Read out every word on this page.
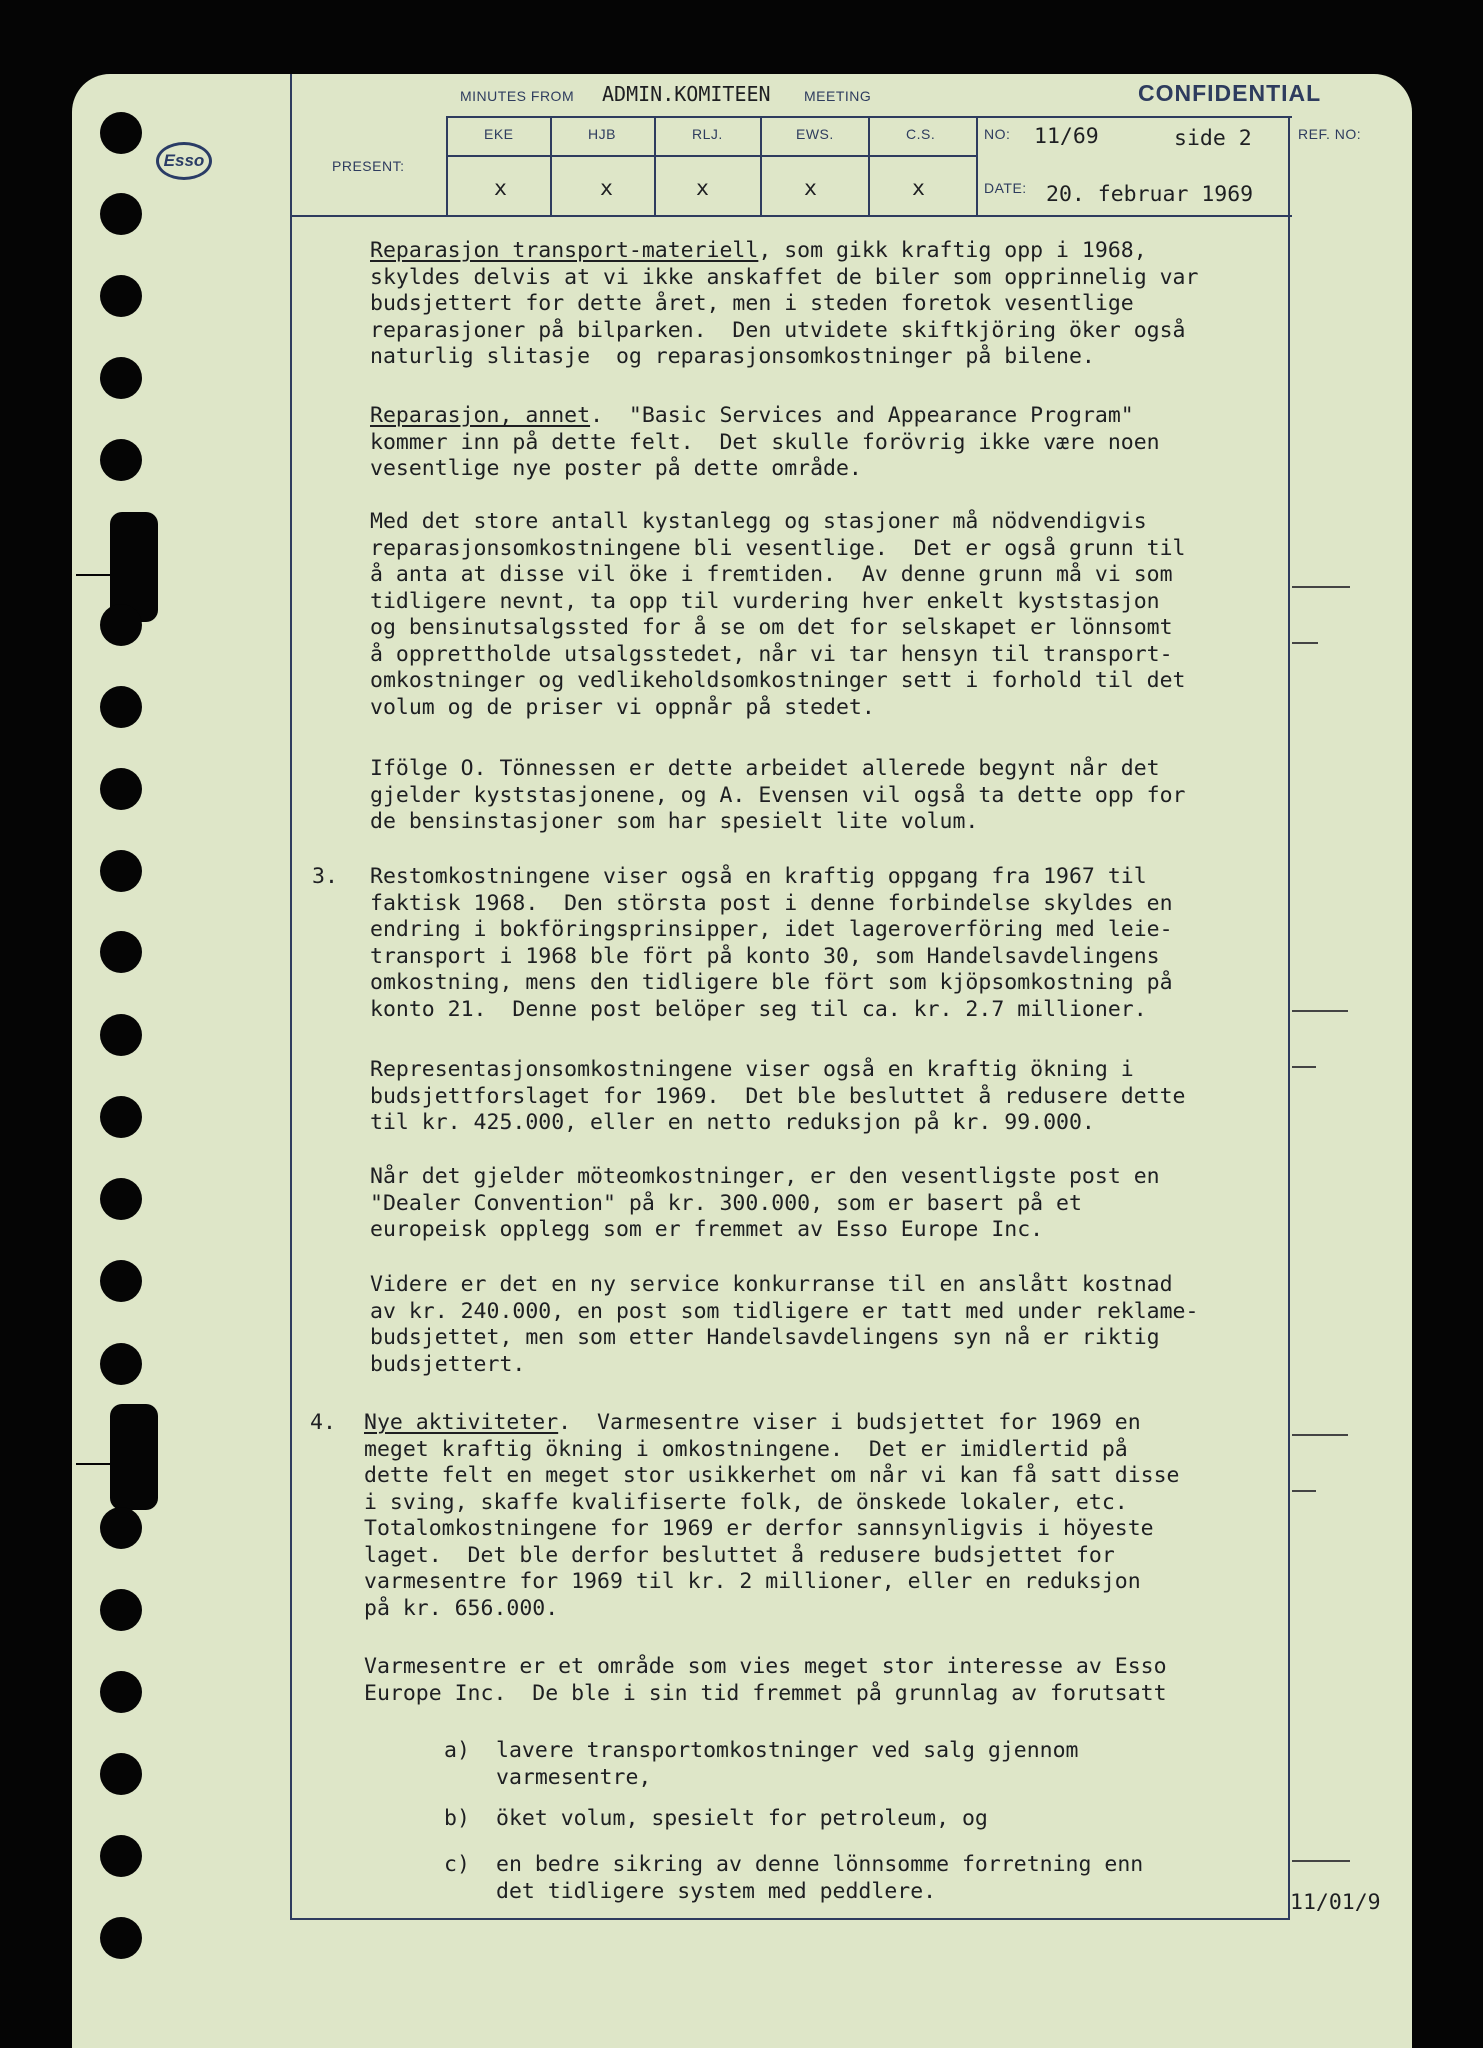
Esso
MINUTES FROM ADMIN.KOMITEEN MEETING	CONFIDENTIAL
PRESENT:
EKE	HJB	RLJ.	EWS.	C.S.
x	x	x	x	x
NO: 11/69	side 2
DATE: 20. februar 1969
REF. NO:
Reparasjon transport-materiell, som gikk kraftig opp i 1968,
skyldes delvis at vi ikke anskaffet de biler som opprinnelig var
budsjettert for dette året, men i steden foretok vesentlige
reparasjoner på bilparken.  Den utvidete skiftkjöring öker også
naturlig slitasje  og reparasjonsomkostninger på bilene.
Reparasjon, annet.  "Basic Services and Appearance Program"
kommer inn på dette felt.  Det skulle forövrig ikke være noen
vesentlige nye poster på dette område.
Med det store antall kystanlegg og stasjoner må nödvendigvis
reparasjonsomkostningene bli vesentlige.  Det er også grunn til
å anta at disse vil öke i fremtiden.  Av denne grunn må vi som
tidligere nevnt, ta opp til vurdering hver enkelt kyststasjon
og bensinutsalgssted for å se om det for selskapet er lönnsomt
å opprettholde utsalgsstedet, når vi tar hensyn til transport-
omkostninger og vedlikeholdsomkostninger sett i forhold til det
volum og de priser vi oppnår på stedet.
Ifölge O. Tönnessen er dette arbeidet allerede begynt når det
gjelder kyststasjonene, og A. Evensen vil også ta dette opp for
de bensinstasjoner som har spesielt lite volum.
3. Restomkostningene viser også en kraftig oppgang fra 1967 til
faktisk 1968.  Den största post i denne forbindelse skyldes en
endring i bokföringsprinsipper, idet lageroverföring med leie-
transport i 1968 ble fört på konto 30, som Handelsavdelingens
omkostning, mens den tidligere ble fört som kjöpsomkostning på
konto 21.  Denne post belöper seg til ca. kr. 2.7 millioner.
Representasjonsomkostningene viser også en kraftig ökning i
budsjettforslaget for 1969.  Det ble besluttet å redusere dette
til kr. 425.000, eller en netto reduksjon på kr. 99.000.
Når det gjelder möteomkostninger, er den vesentligste post en
"Dealer Convention" på kr. 300.000, som er basert på et
europeisk opplegg som er fremmet av Esso Europe Inc.
Videre er det en ny service konkurranse til en anslått kostnad
av kr. 240.000, en post som tidligere er tatt med under reklame-
budsjettet, men som etter Handelsavdelingens syn nå er riktig
budsjettert.
4. Nye aktiviteter.  Varmesentre viser i budsjettet for 1969 en
meget kraftig ökning i omkostningene.  Det er imidlertid på
dette felt en meget stor usikkerhet om når vi kan få satt disse
i sving, skaffe kvalifiserte folk, de önskede lokaler, etc.
Totalomkostningene for 1969 er derfor sannsynligvis i höyeste
laget.  Det ble derfor besluttet å redusere budsjettet for
varmesentre for 1969 til kr. 2 millioner, eller en reduksjon
på kr. 656.000.
Varmesentre er et område som vies meget stor interesse av Esso
Europe Inc.  De ble i sin tid fremmet på grunnlag av forutsatt
a) lavere transportomkostninger ved salg gjennom
varmesentre,
b) öket volum, spesielt for petroleum, og
c) en bedre sikring av denne lönnsomme forretning enn
det tidligere system med peddlere.	11/01/9
